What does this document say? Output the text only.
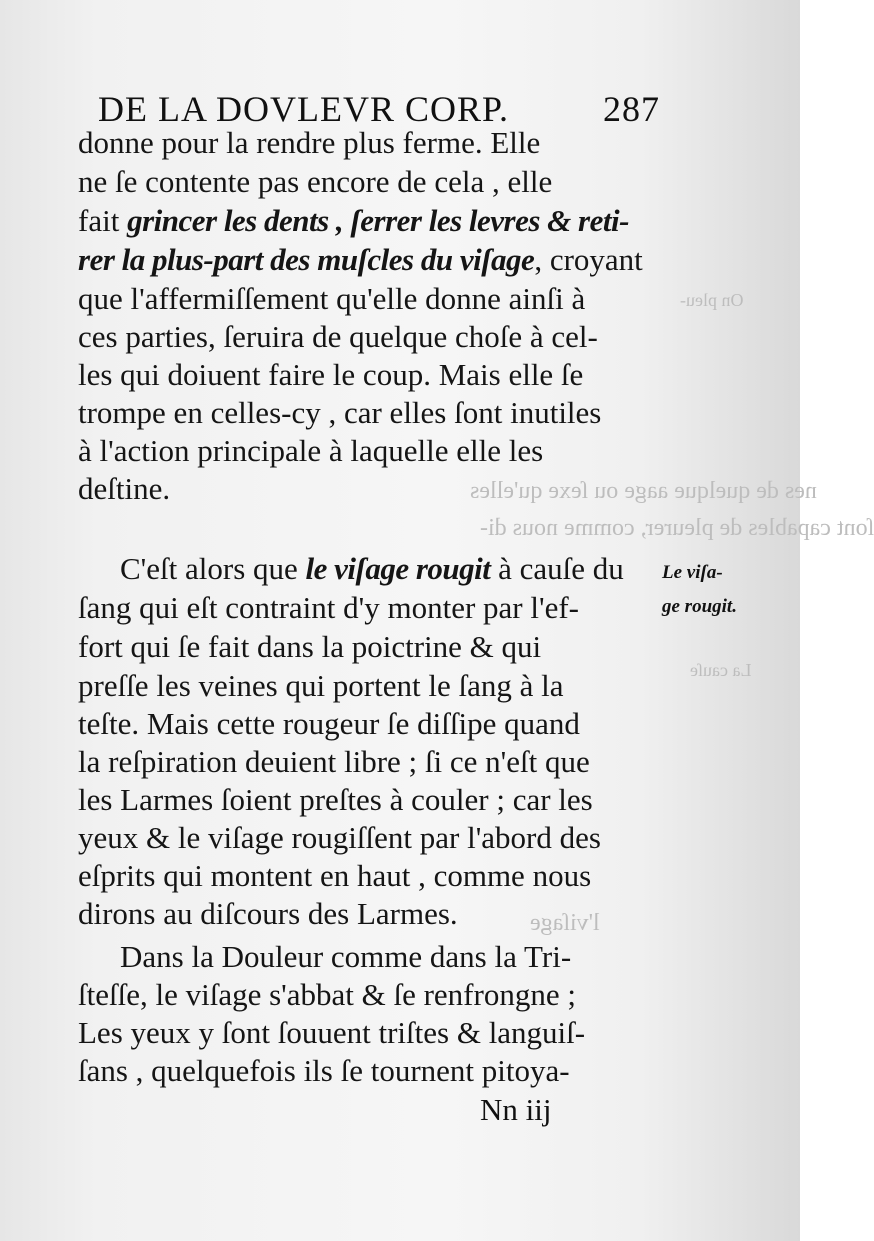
nes de quelque aage ou ſexe qu'elles
ſont capables de pleurer, comme nous di-
On pleu-
La cauſe
l'viſage
DE LA DOVLEVR CORP.	287
donne pour la rendre plus ferme. Elle
ne ſe contente pas encore de cela , elle
fait grincer les dents , ſerrer les levres & reti-
rer la plus-part des muſcles du viſage, croyant
que l'affermiſſement qu'elle donne ainſi à
ces parties, ſeruira de quelque choſe à cel-
les qui doiuent faire le coup. Mais elle ſe
trompe en celles-cy , car elles ſont inutiles
à l'action principale à laquelle elle les
deſtine.
C'eſt alors que le viſage rougit à cauſe du
ſang qui eſt contraint d'y monter par l'ef-
fort qui ſe fait dans la poictrine & qui
preſſe les veines qui portent le ſang à la
teſte. Mais cette rougeur ſe diſſipe quand
la reſpiration deuient libre ; ſi ce n'eſt que
les Larmes ſoient preſtes à couler ; car les
yeux & le viſage rougiſſent par l'abord des
eſprits qui montent en haut , comme nous
dirons au diſcours des Larmes.
Dans la Douleur comme dans la Tri-
ſteſſe, le viſage s'abbat & ſe renfrongne ;
Les yeux y ſont ſouuent triſtes & languiſ-
ſans , quelquefois ils ſe tournent pitoya-
Le viſa-
ge rougit.
Nn iij
